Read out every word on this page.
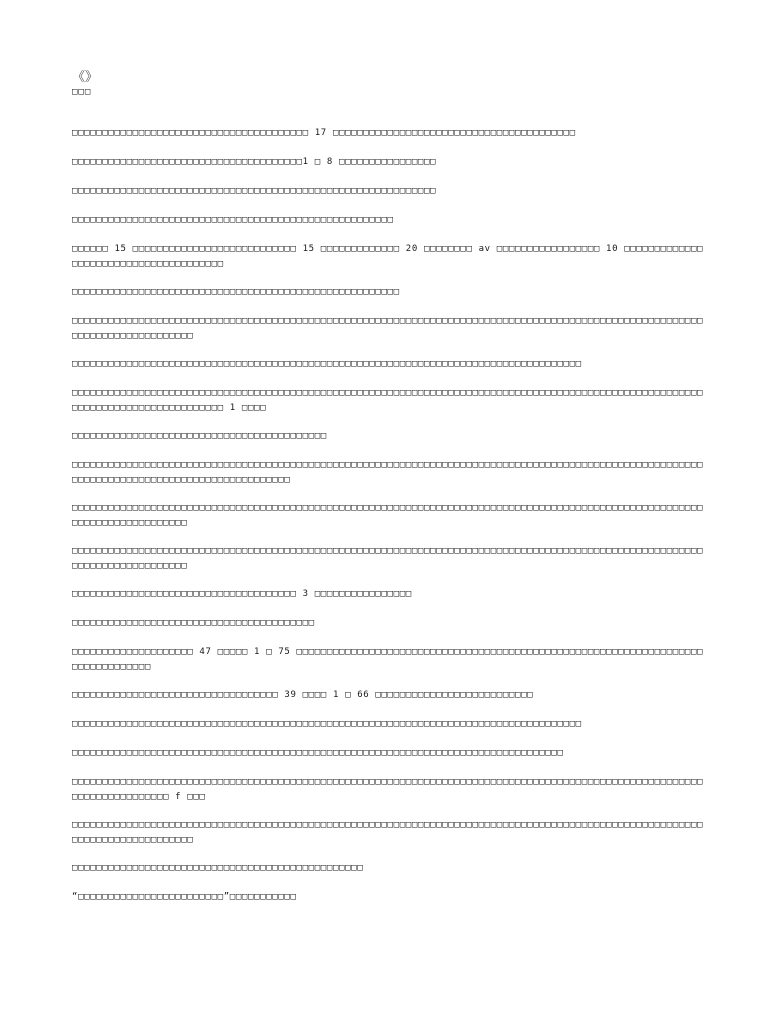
《》
□□□
□□□□□□□□□□□□□□□□□□□□□□□□□□□□□□□□□□□□□□□ 17 □□□□□□□□□□□□□□□□□□□□□□□□□□□□□□□□□□□□□□□□
□□□□□□□□□□□□□□□□□□□□□□□□□□□□□□□□□□□□□□1 □ 8 □□□□□□□□□□□□□□□□
□□□□□□□□□□□□□□□□□□□□□□□□□□□□□□□□□□□□□□□□□□□□□□□□□□□□□□□□□□□□
□□□□□□□□□□□□□□□□□□□□□□□□□□□□□□□□□□□□□□□□□□□□□□□□□□□□□
□□□□□□ 15 □□□□□□□□□□□□□□□□□□□□□□□□□□□ 15 □□□□□□□□□□□□□ 20 □□□□□□□□ av □□□□□□□□□□□□□□□□□ 10 □□□□□□□□□□□□□□□□□□□□□□□□□□□□□□□□□□□□□□
□□□□□□□□□□□□□□□□□□□□□□□□□□□□□□□□□□□□□□□□□□□□□□□□□□□□□□
□□□□□□□□□□□□□□□□□□□□□□□□□□□□□□□□□□□□□□□□□□□□□□□□□□□□□□□□□□□□□□□□□□□□□□□□□□□□□□□□□□□□□□□□□□□□□□□□□□□□□□□□□□□□□□□□□□□□□□□□□□□□
□□□□□□□□□□□□□□□□□□□□□□□□□□□□□□□□□□□□□□□□□□□□□□□□□□□□□□□□□□□□□□□□□□□□□□□□□□□□□□□□□□□□
□□□□□□□□□□□□□□□□□□□□□□□□□□□□□□□□□□□□□□□□□□□□□□□□□□□□□□□□□□□□□□□□□□□□□□□□□□□□□□□□□□□□□□□□□□□□□□□□□□□□□□□□□□□□□□□□□□□□□□□□□□□□□□□□□ 1 □□□□
□□□□□□□□□□□□□□□□□□□□□□□□□□□□□□□□□□□□□□□□□□
□□□□□□□□□□□□□□□□□□□□□□□□□□□□□□□□□□□□□□□□□□□□□□□□□□□□□□□□□□□□□□□□□□□□□□□□□□□□□□□□□□□□□□□□□□□□□□□□□□□□□□□□□□□□□□□□□□□□□□□□□□□□□□□□□□□□□□□□□□□□
□□□□□□□□□□□□□□□□□□□□□□□□□□□□□□□□□□□□□□□□□□□□□□□□□□□□□□□□□□□□□□□□□□□□□□□□□□□□□□□□□□□□□□□□□□□□□□□□□□□□□□□□□□□□□□□□□□□□□□□□□□□
□□□□□□□□□□□□□□□□□□□□□□□□□□□□□□□□□□□□□□□□□□□□□□□□□□□□□□□□□□□□□□□□□□□□□□□□□□□□□□□□□□□□□□□□□□□□□□□□□□□□□□□□□□□□□□□□□□□□□□□□□□□
□□□□□□□□□□□□□□□□□□□□□□□□□□□□□□□□□□□□□ 3 □□□□□□□□□□□□□□□□
□□□□□□□□□□□□□□□□□□□□□□□□□□□□□□□□□□□□□□□□
□□□□□□□□□□□□□□□□□□□□ 47 □□□□□ 1 □ 75 □□□□□□□□□□□□□□□□□□□□□□□□□□□□□□□□□□□□□□□□□□□□□□□□□□□□□□□□□□□□□□□□□□□□□□□□□□□□□□□□
□□□□□□□□□□□□□□□□□□□□□□□□□□□□□□□□□□ 39 □□□□ 1 □ 66 □□□□□□□□□□□□□□□□□□□□□□□□□□
□□□□□□□□□□□□□□□□□□□□□□□□□□□□□□□□□□□□□□□□□□□□□□□□□□□□□□□□□□□□□□□□□□□□□□□□□□□□□□□□□□□□
□□□□□□□□□□□□□□□□□□□□□□□□□□□□□□□□□□□□□□□□□□□□□□□□□□□□□□□□□□□□□□□□□□□□□□□□□□□□□□□□□
□□□□□□□□□□□□□□□□□□□□□□□□□□□□□□□□□□□□□□□□□□□□□□□□□□□□□□□□□□□□□□□□□□□□□□□□□□□□□□□□□□□□□□□□□□□□□□□□□□□□□□□□□□□□□□□□□□□□□□□□ f □□□
□□□□□□□□□□□□□□□□□□□□□□□□□□□□□□□□□□□□□□□□□□□□□□□□□□□□□□□□□□□□□□□□□□□□□□□□□□□□□□□□□□□□□□□□□□□□□□□□□□□□□□□□□□□□□□□□□□□□□□□□□□□□
□□□□□□□□□□□□□□□□□□□□□□□□□□□□□□□□□□□□□□□□□□□□□□□□
“□□□□□□□□□□□□□□□□□□□□□□□□”□□□□□□□□□□□
